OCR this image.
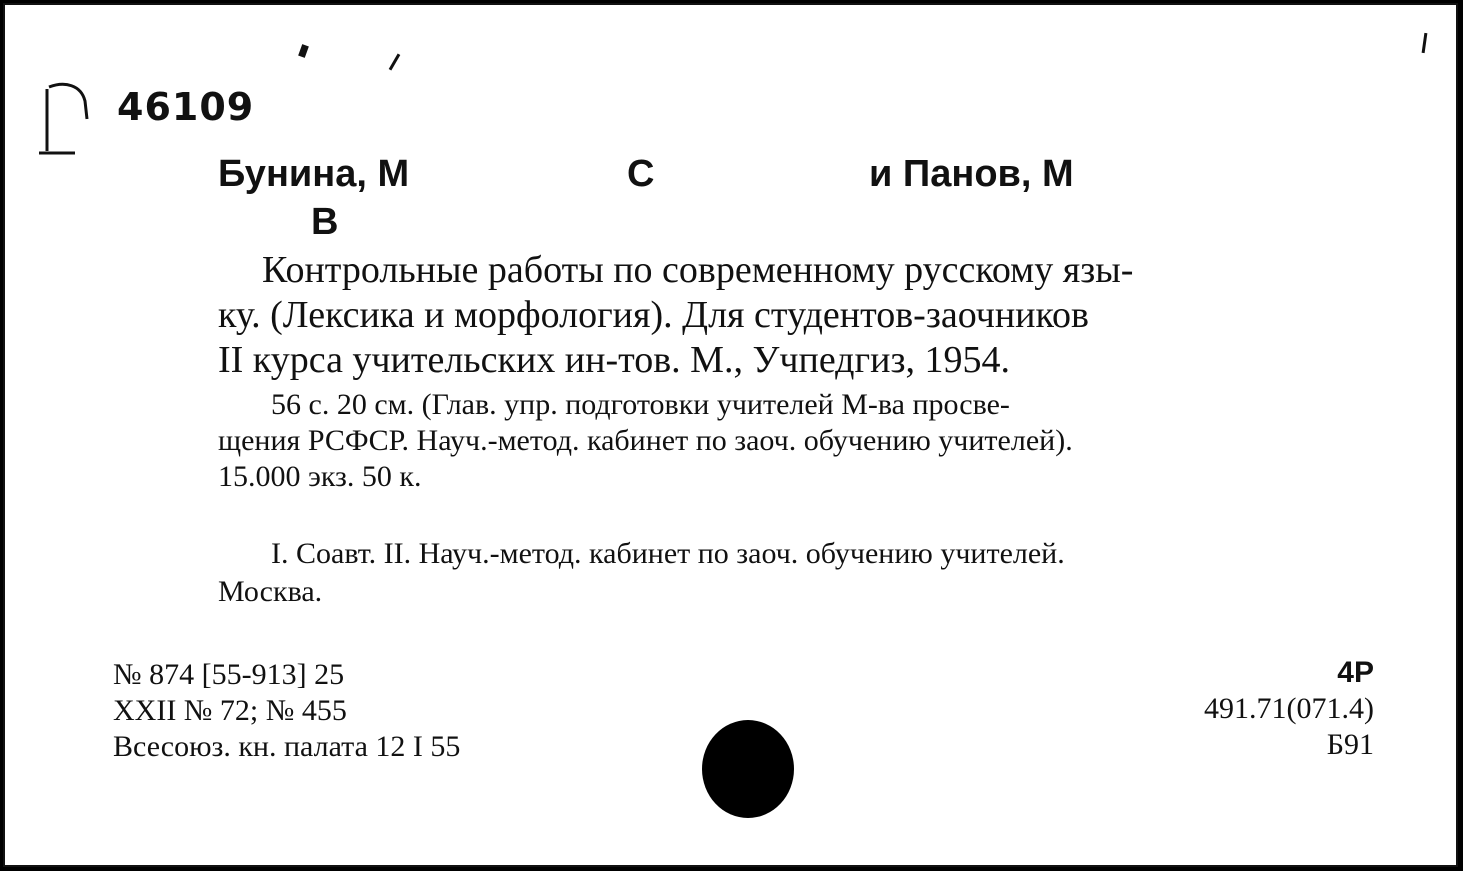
46109
Бунина, М	С	и Панов, М
В
Контрольные работы по современному русскому язы-
ку. (Лексика и морфология). Для студентов-заочников
II курса учительских ин-тов. М., Учпедгиз, 1954.
56 с. 20 см. (Глав. упр. подготовки учителей М-ва просве-
щения РСФСР. Науч.-метод. кабинет по заоч. обучению учителей).
15.000 экз. 50 к.
I. Соавт. II. Науч.-метод. кабинет по заоч. обучению учителей.
Москва.
№ 874 [55-913] 25
XXII № 72; № 455
Всесоюз. кн. палата 12 I 55
4Р
491.71(071.4)
Б91
